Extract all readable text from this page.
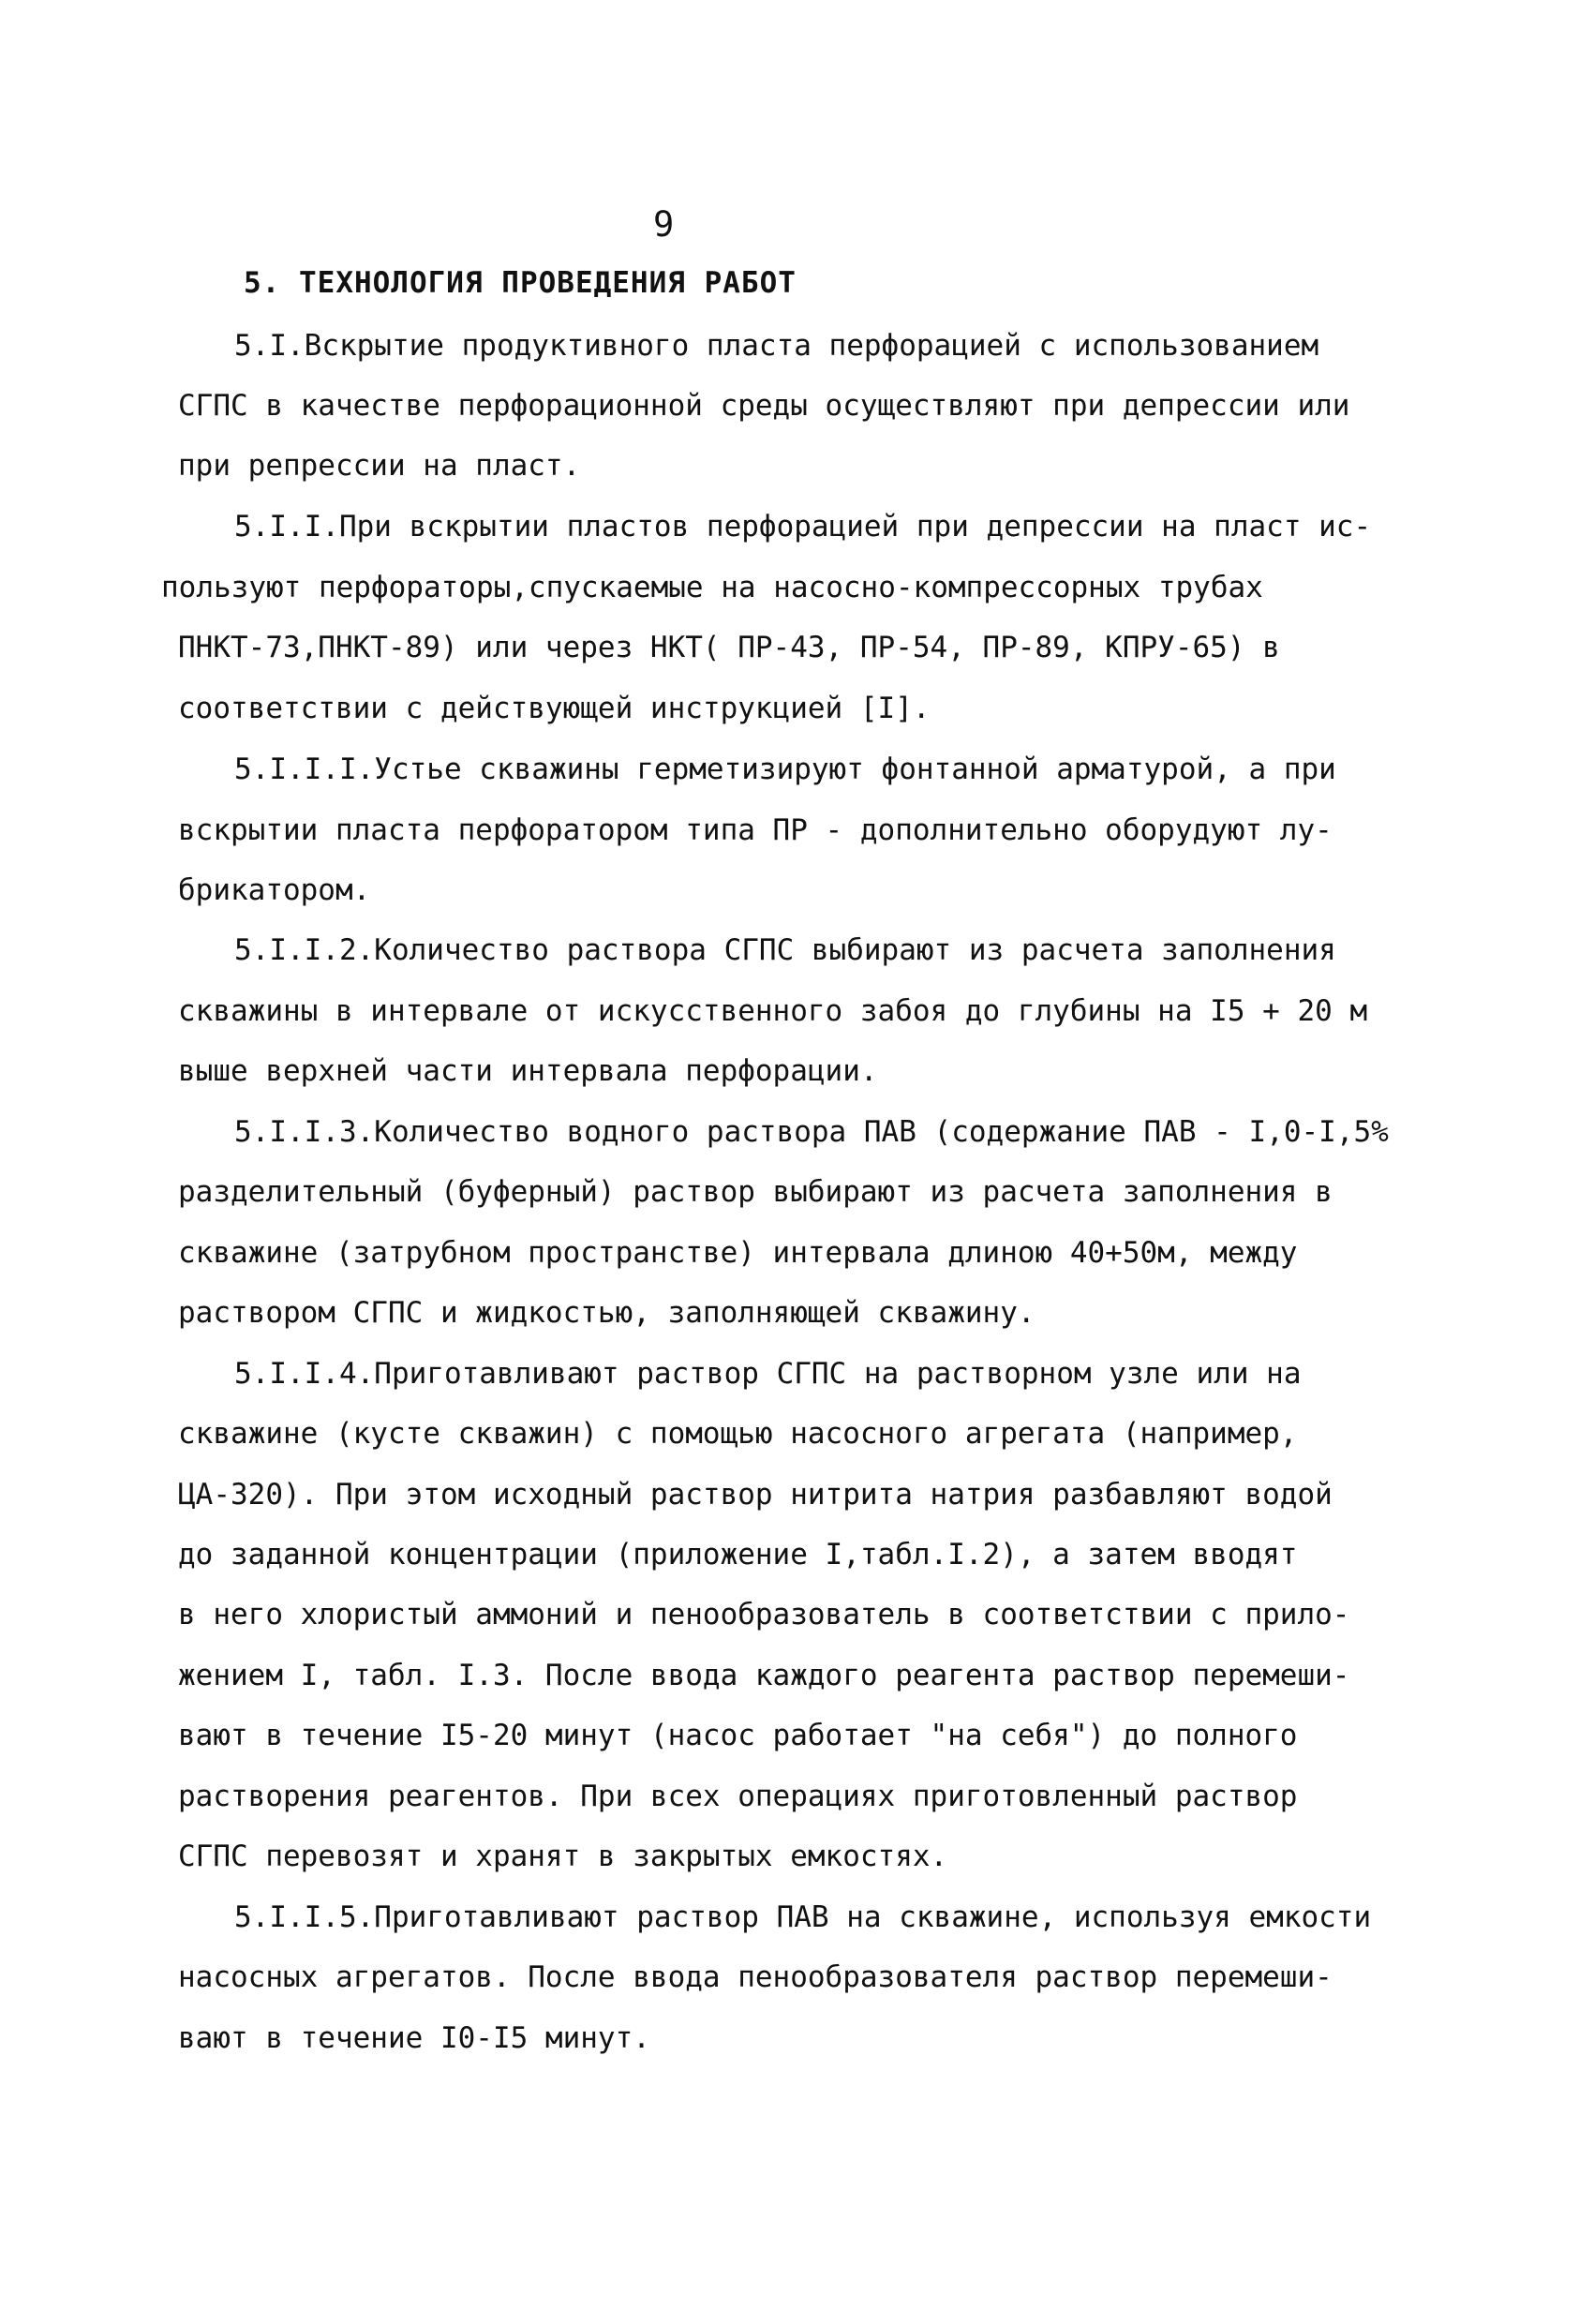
9
5. ТЕХНОЛОГИЯ ПРОВЕДЕНИЯ РАБОТ
5.I.Вскрытие продуктивного пласта перфорацией с использованием
СГПС в качестве перфорационной среды осуществляют при депрессии или
при репрессии на пласт.
5.I.I.При вскрытии пластов перфорацией при депрессии на пласт ис-
пользуют перфораторы,спускаемые на насосно-компрессорных трубах
ПНКТ-73,ПНКТ-89) или через НКТ( ПР-43, ПР-54, ПР-89, КПРУ-65) в
соответствии с действующей инструкцией [I].
5.I.I.I.Устье скважины герметизируют фонтанной арматурой, а при
вскрытии пласта перфоратором типа ПР - дополнительно оборудуют лу-
брикатором.
5.I.I.2.Количество раствора СГПС выбирают из расчета заполнения
скважины в интервале от искусственного забоя до глубины на I5 + 20 м
выше верхней части интервала перфорации.
5.I.I.3.Количество водного раствора ПАВ (содержание ПАВ - I,0-I,5%
разделительный (буферный) раствор выбирают из расчета заполнения в
скважине (затрубном пространстве) интервала длиною 40+50м, между
раствором СГПС и жидкостью, заполняющей скважину.
5.I.I.4.Приготавливают раствор СГПС на растворном узле или на
скважине (кусте скважин) с помощью насосного агрегата (например,
ЦА-320). При этом исходный раствор нитрита натрия разбавляют водой
до заданной концентрации (приложение I,табл.I.2), а затем вводят
в него хлористый аммоний и пенообразователь в соответствии с прило-
жением I, табл. I.3. После ввода каждого реагента раствор перемеши-
вают в течение I5-20 минут (насос работает "на себя") до полного
растворения реагентов. При всех операциях приготовленный раствор
СГПС перевозят и хранят в закрытых емкостях.
5.I.I.5.Приготавливают раствор ПАВ на скважине, используя емкости
насосных агрегатов. После ввода пенообразователя раствор перемеши-
вают в течение I0-I5 минут.
